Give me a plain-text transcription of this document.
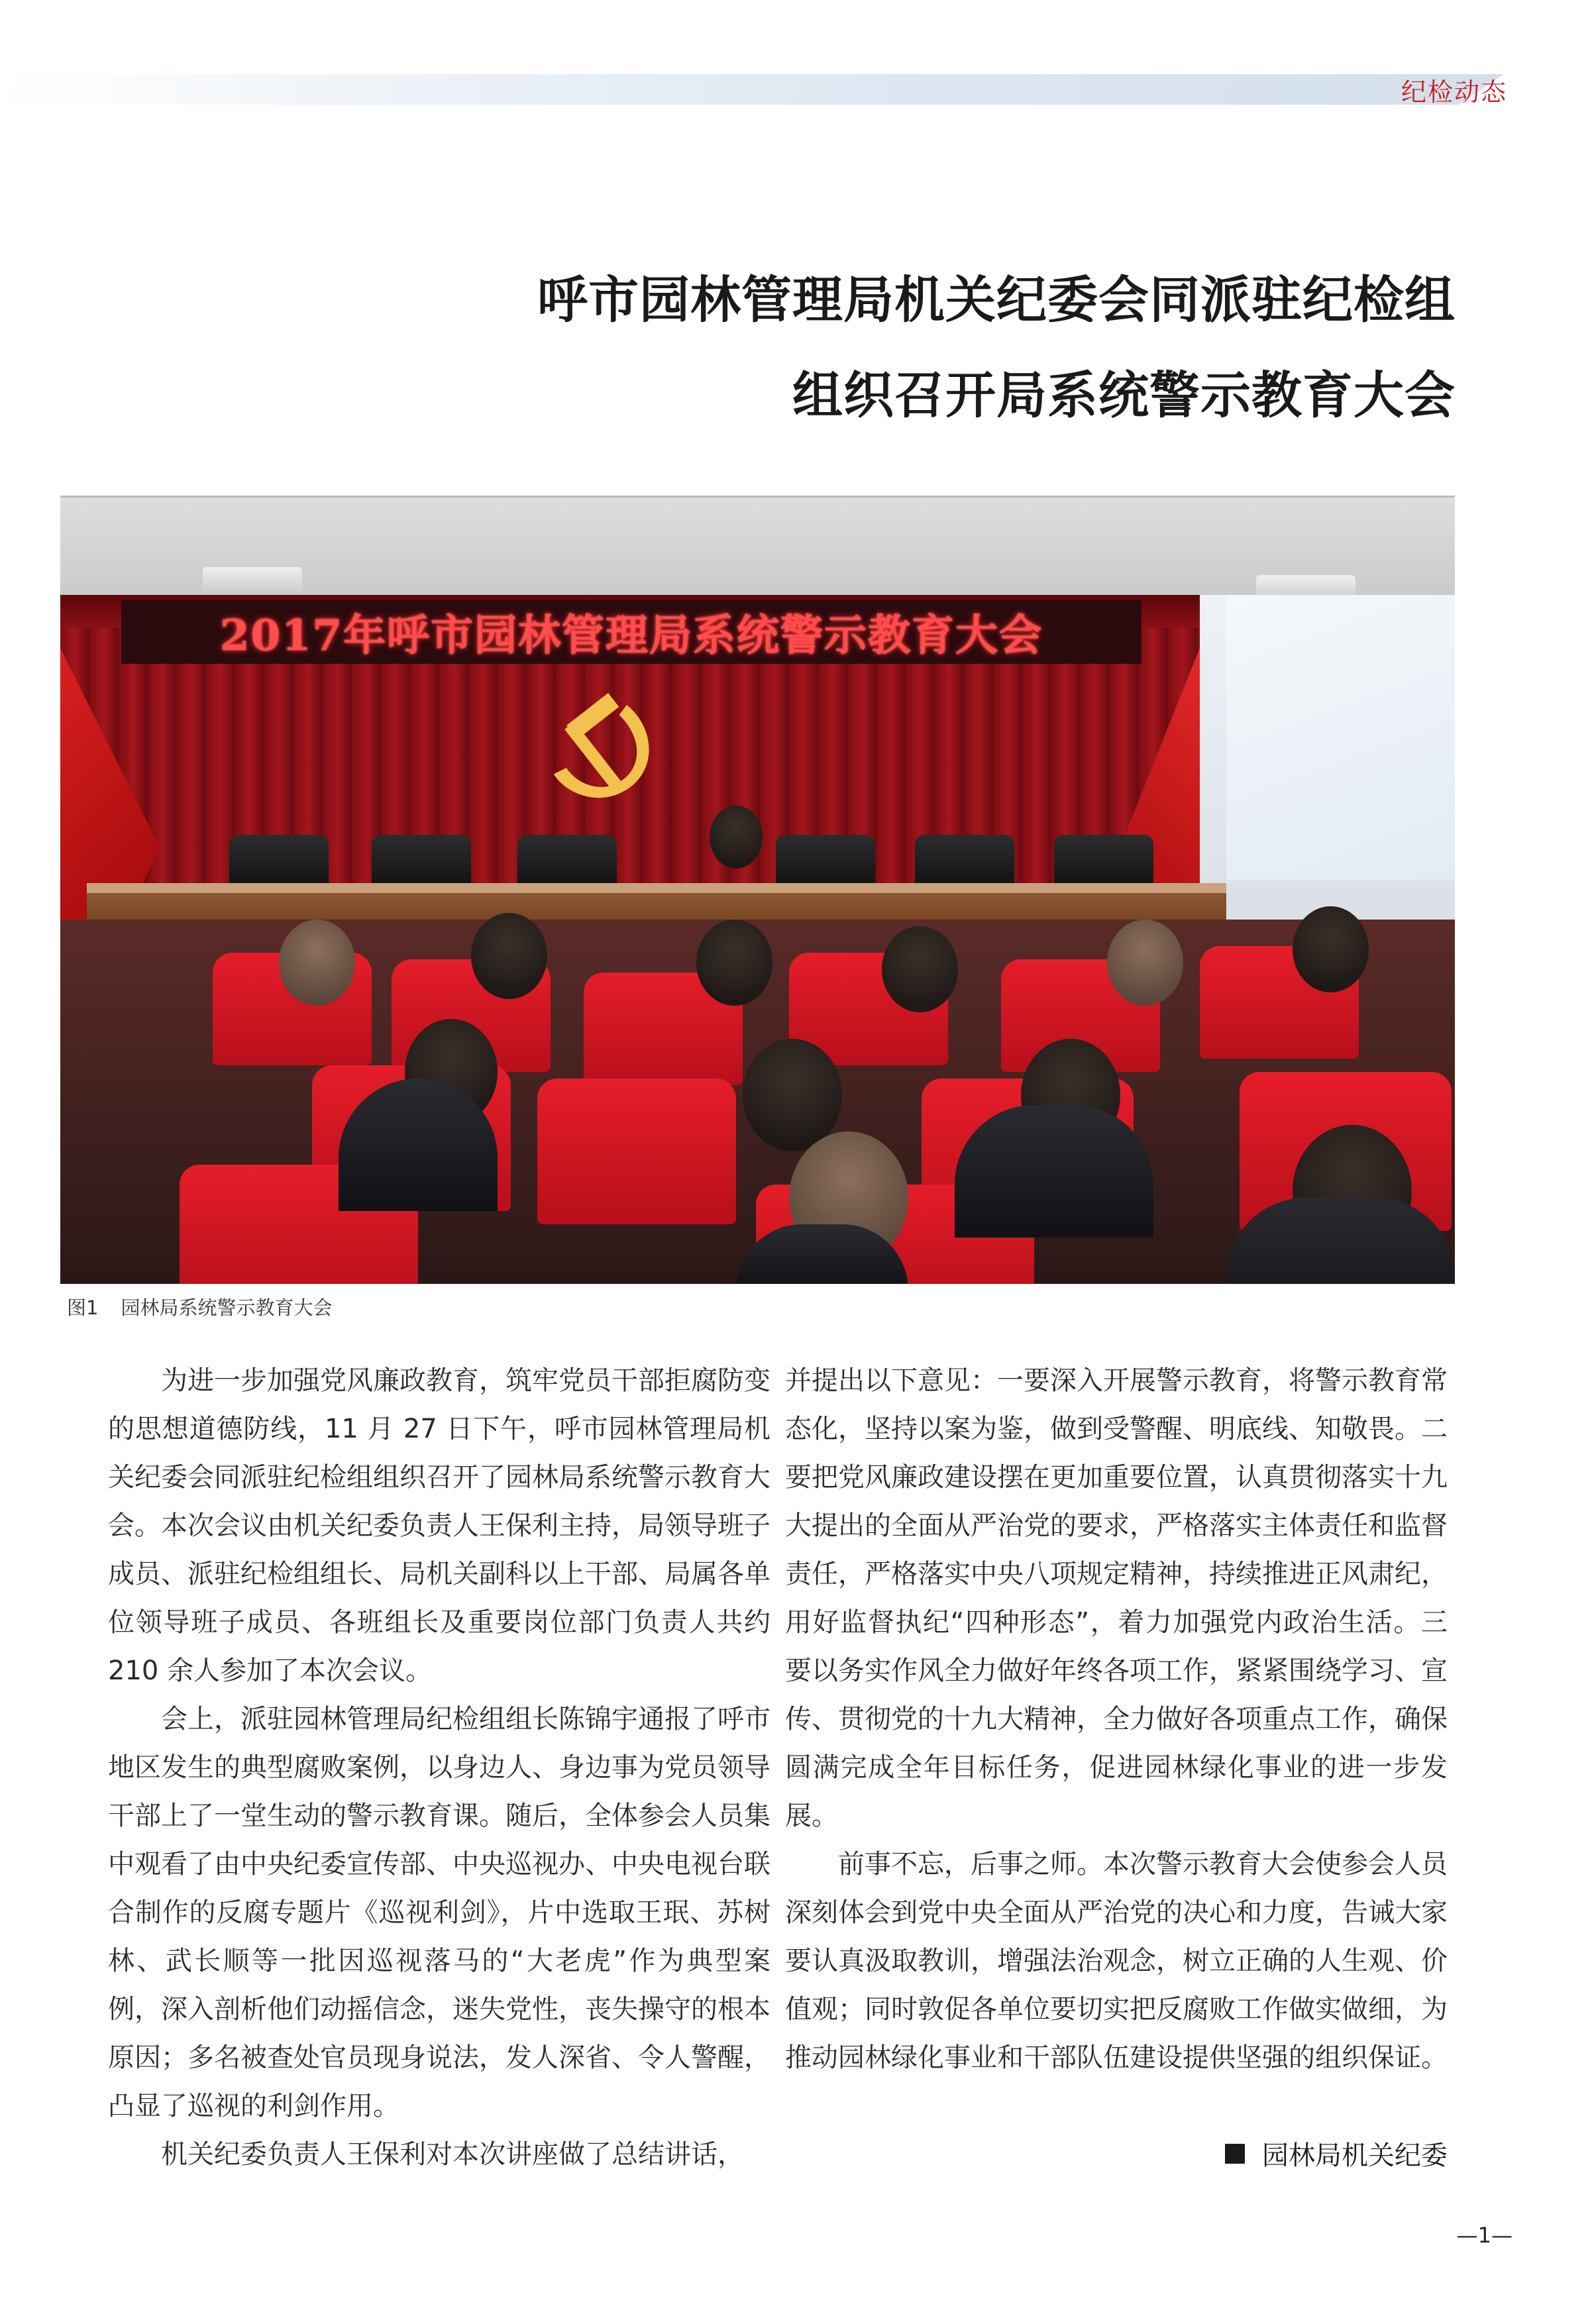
纪检动态
呼市园林管理局机关纪委会同派驻纪检组
组织召开局系统警示教育大会
2017年呼市园林管理局系统警示教育大会
图1 园林局系统警示教育大会

为进一步加强党风廉政教育，筑牢党员干部拒腐防变的思想道德防线，11 月 27 日下午，呼市园林管理局机关纪委会同派驻纪检组组织召开了园林局系统警示教育大会。本次会议由机关纪委负责人王保利主持，局领导班子成员、派驻纪检组组长、局机关副科以上干部、局属各单位领导班子成员、各班组长及重要岗位部门负责人共约 210 余人参加了本次会议。

会上，派驻园林管理局纪检组组长陈锦宇通报了呼市地区发生的典型腐败案例，以身边人、身边事为党员领导干部上了一堂生动的警示教育课。随后，全体参会人员集中观看了由中央纪委宣传部、中央巡视办、中央电视台联合制作的反腐专题片《巡视利剑》，片中选取王珉、苏树林、武长顺等一批因巡视落马的“大老虎”作为典型案例，深入剖析他们动摇信念，迷失党性，丧失操守的根本原因；多名被查处官员现身说法，发人深省、令人警醒，凸显了巡视的利剑作用。

机关纪委负责人王保利对本次讲座做了总结讲话，

并提出以下意见：一要深入开展警示教育，将警示教育常态化，坚持以案为鉴，做到受警醒、明底线、知敬畏。二要把党风廉政建设摆在更加重要位置，认真贯彻落实十九大提出的全面从严治党的要求，严格落实主体责任和监督责任，严格落实中央八项规定精神，持续推进正风肃纪，用好监督执纪“四种形态”，着力加强党内政治生活。三要以务实作风全力做好年终各项工作，紧紧围绕学习、宣传、贯彻党的十九大精神，全力做好各项重点工作，确保圆满完成全年目标任务，促进园林绿化事业的进一步发展。

前事不忘，后事之师。本次警示教育大会使参会人员深刻体会到党中央全面从严治党的决心和力度，告诫大家要认真汲取教训，增强法治观念，树立正确的人生观、价值观；同时敦促各单位要切实把反腐败工作做实做细，为推动园林绿化事业和干部队伍建设提供坚强的组织保证。

园林局机关纪委
—1—
